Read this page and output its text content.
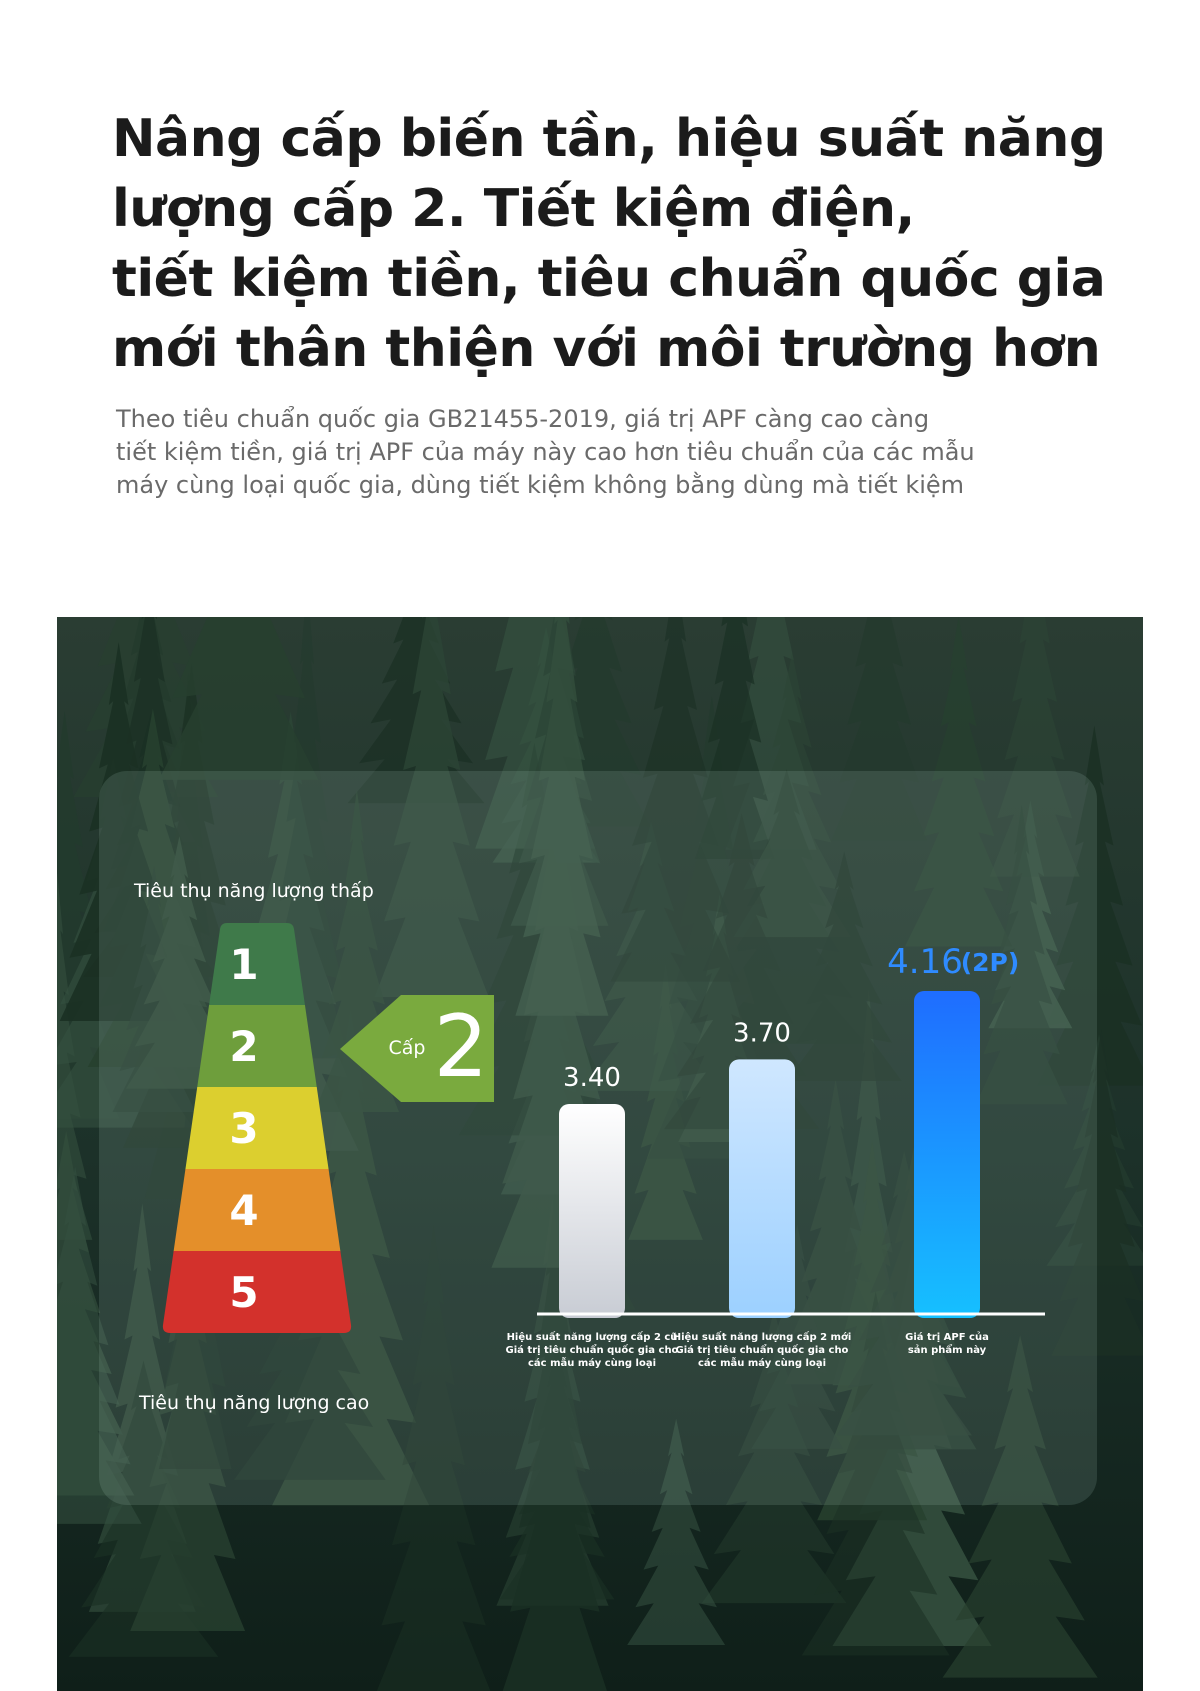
Nâng cấp biến tần, hiệu suất năng
lượng cấp 2. Tiết kiệm điện,
tiết kiệm tiền, tiêu chuẩn quốc gia
mới thân thiện với môi trường hơn

Theo tiêu chuẩn quốc gia GB21455-2019, giá trị APF càng cao càng tiết kiệm tiền, giá trị APF của máy này cao hơn tiêu chuẩn của các mẫu máy cùng loại quốc gia, dùng tiết kiệm không bằng dùng mà tiết kiệm

Tiêu thụ năng lượng thấp
Tiêu thụ năng lượng cao
1
2
3
4
5
Cấp 2	3.40
3.70
4.16
(2P)
Hiệu suất năng lượng cấp 2 cũ
Giá trị tiêu chuẩn quốc gia cho
các mẫu máy cùng loại
Hiệu suất năng lượng cấp 2 mới
Giá trị tiêu chuẩn quốc gia cho
các mẫu máy cùng loại
Giá trị APF của
sản phẩm này
